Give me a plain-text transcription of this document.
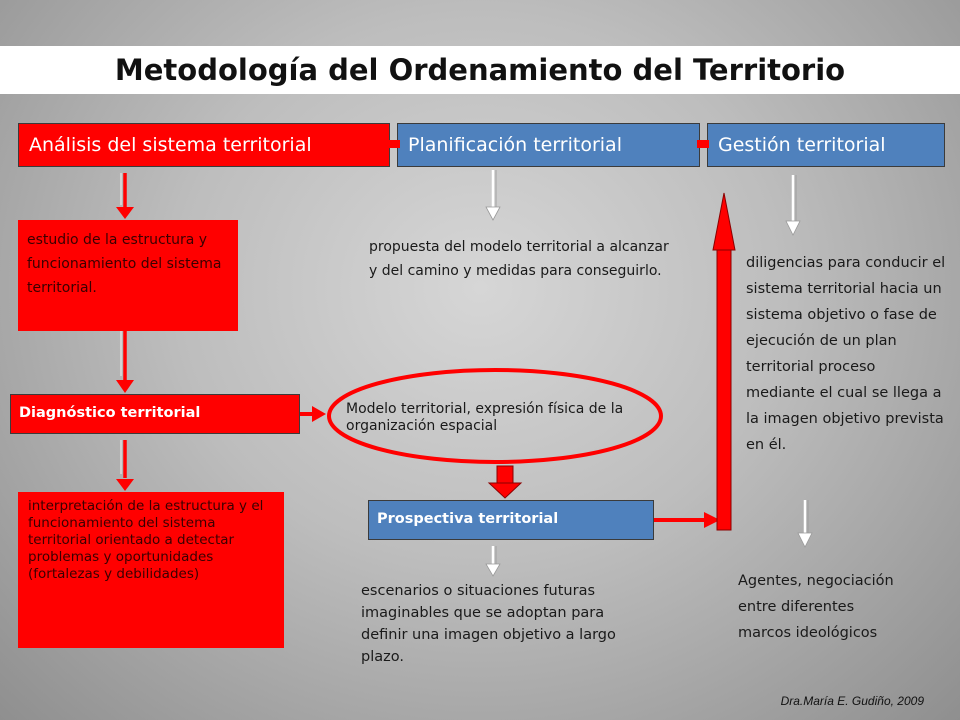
Metodología del Ordenamiento del Territorio
Análisis del sistema territorial	Planificación territorial	Gestión territorial
estudio de la estructura y funcionamiento del sistema territorial.
Diagnóstico territorial
interpretación de la estructura y el funcionamiento del sistema territorial orientado a detectar problemas y oportunidades (fortalezas y debilidades)
propuesta del modelo territorial a alcanzar y del camino y medidas para conseguirlo.
Modelo territorial, expresión física de la organización espacial
Prospectiva territorial
escenarios o situaciones futuras imaginables que se adoptan para definir una imagen objetivo a largo plazo.
diligencias para conducir el sistema territorial hacia un sistema objetivo o fase de ejecución de un plan territorial proceso mediante el cual se llega a la imagen objetivo prevista en él.
Agentes, negociación entre diferentes marcos ideológicos
Dra.María E. Gudiño, 2009
